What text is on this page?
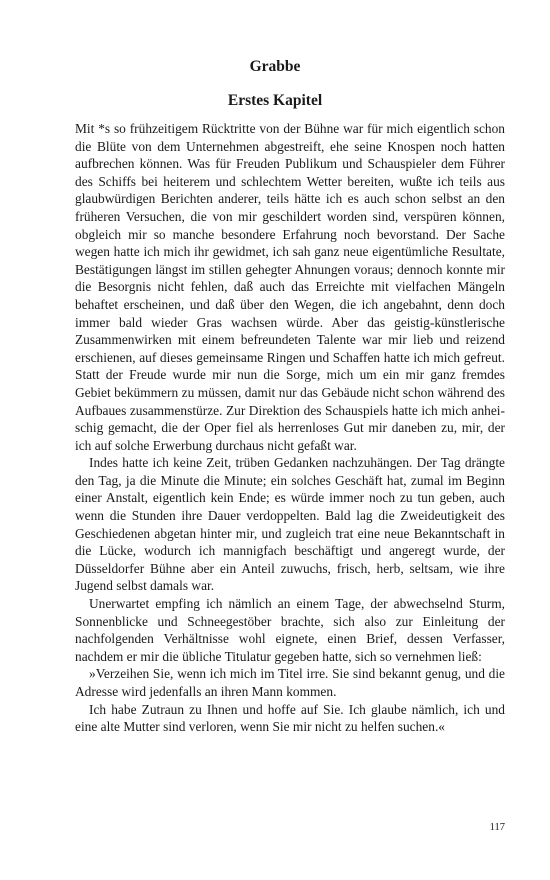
Grabbe
Erstes Kapitel

Mit *s so frühzeitigem Rücktritte von der Bühne war für mich eigentlich schon die Blüte von dem Unternehmen abgestreift, ehe seine Knospen noch hatten aufbrechen können. Was für Freuden Publikum und Schauspieler dem Führer des Schiffs bei heiterem und schlechtem Wetter bereiten, wußte ich teils aus glaubwürdigen Berichten anderer, teils hätte ich es auch schon selbst an den früheren Versuchen, die von mir geschildert worden sind, verspüren können, obgleich mir so manche besondere Erfahrung noch bevorstand. Der Sache wegen hatte ich mich ihr gewidmet, ich sah ganz neue eigentümliche Resultate, Bestätigungen längst im stillen gehegter Ahnungen voraus; dennoch konnte mir die Besorgnis nicht fehlen, daß auch das Erreichte mit vielfachen Mängeln behaftet erscheinen, und daß über den Wegen, die ich angebahnt, denn doch immer bald wieder Gras wachsen würde. Aber das geistig-künstlerische Zusammenwirken mit einem befreundeten Talente war mir lieb und reizend erschienen, auf dieses gemeinsame Ringen und Schaffen hatte ich mich gefreut. Statt der Freude wurde mir nun die Sorge, mich um ein mir ganz fremdes Gebiet bekümmern zu müssen, damit nur das Gebäude nicht schon während des Aufbaues zusammenstürze. Zur Direktion des Schauspiels hatte ich mich anheischig gemacht, die der Oper fiel als herrenloses Gut mir daneben zu, mir, der ich auf solche Erwerbung durchaus nicht gefaßt war.

Indes hatte ich keine Zeit, trüben Gedanken nachzuhängen. Der Tag drängte den Tag, ja die Minute die Minute; ein solches Geschäft hat, zumal im Beginn einer Anstalt, eigentlich kein Ende; es würde immer noch zu tun geben, auch wenn die Stunden ihre Dauer verdoppelten. Bald lag die Zweideutigkeit des Geschiedenen abgetan hinter mir, und zugleich trat eine neue Bekanntschaft in die Lücke, wodurch ich mannigfach beschäftigt und angeregt wurde, der Düsseldorfer Bühne aber ein Anteil zuwuchs, frisch, herb, seltsam, wie ihre Jugend selbst damals war.

Unerwartet empfing ich nämlich an einem Tage, der abwechselnd Sturm, Sonnenblicke und Schneegestöber brachte, sich also zur Einleitung der nachfolgenden Verhältnisse wohl eignete, einen Brief, dessen Verfasser, nachdem er mir die übliche Titulatur gegeben hatte, sich so vernehmen ließ:

»Verzeihen Sie, wenn ich mich im Titel irre. Sie sind bekannt genug, und die Adresse wird jedenfalls an ihren Mann kommen.

Ich habe Zutraun zu Ihnen und hoffe auf Sie. Ich glaube nämlich, ich und eine alte Mutter sind verloren, wenn Sie mir nicht zu helfen suchen.«

117
